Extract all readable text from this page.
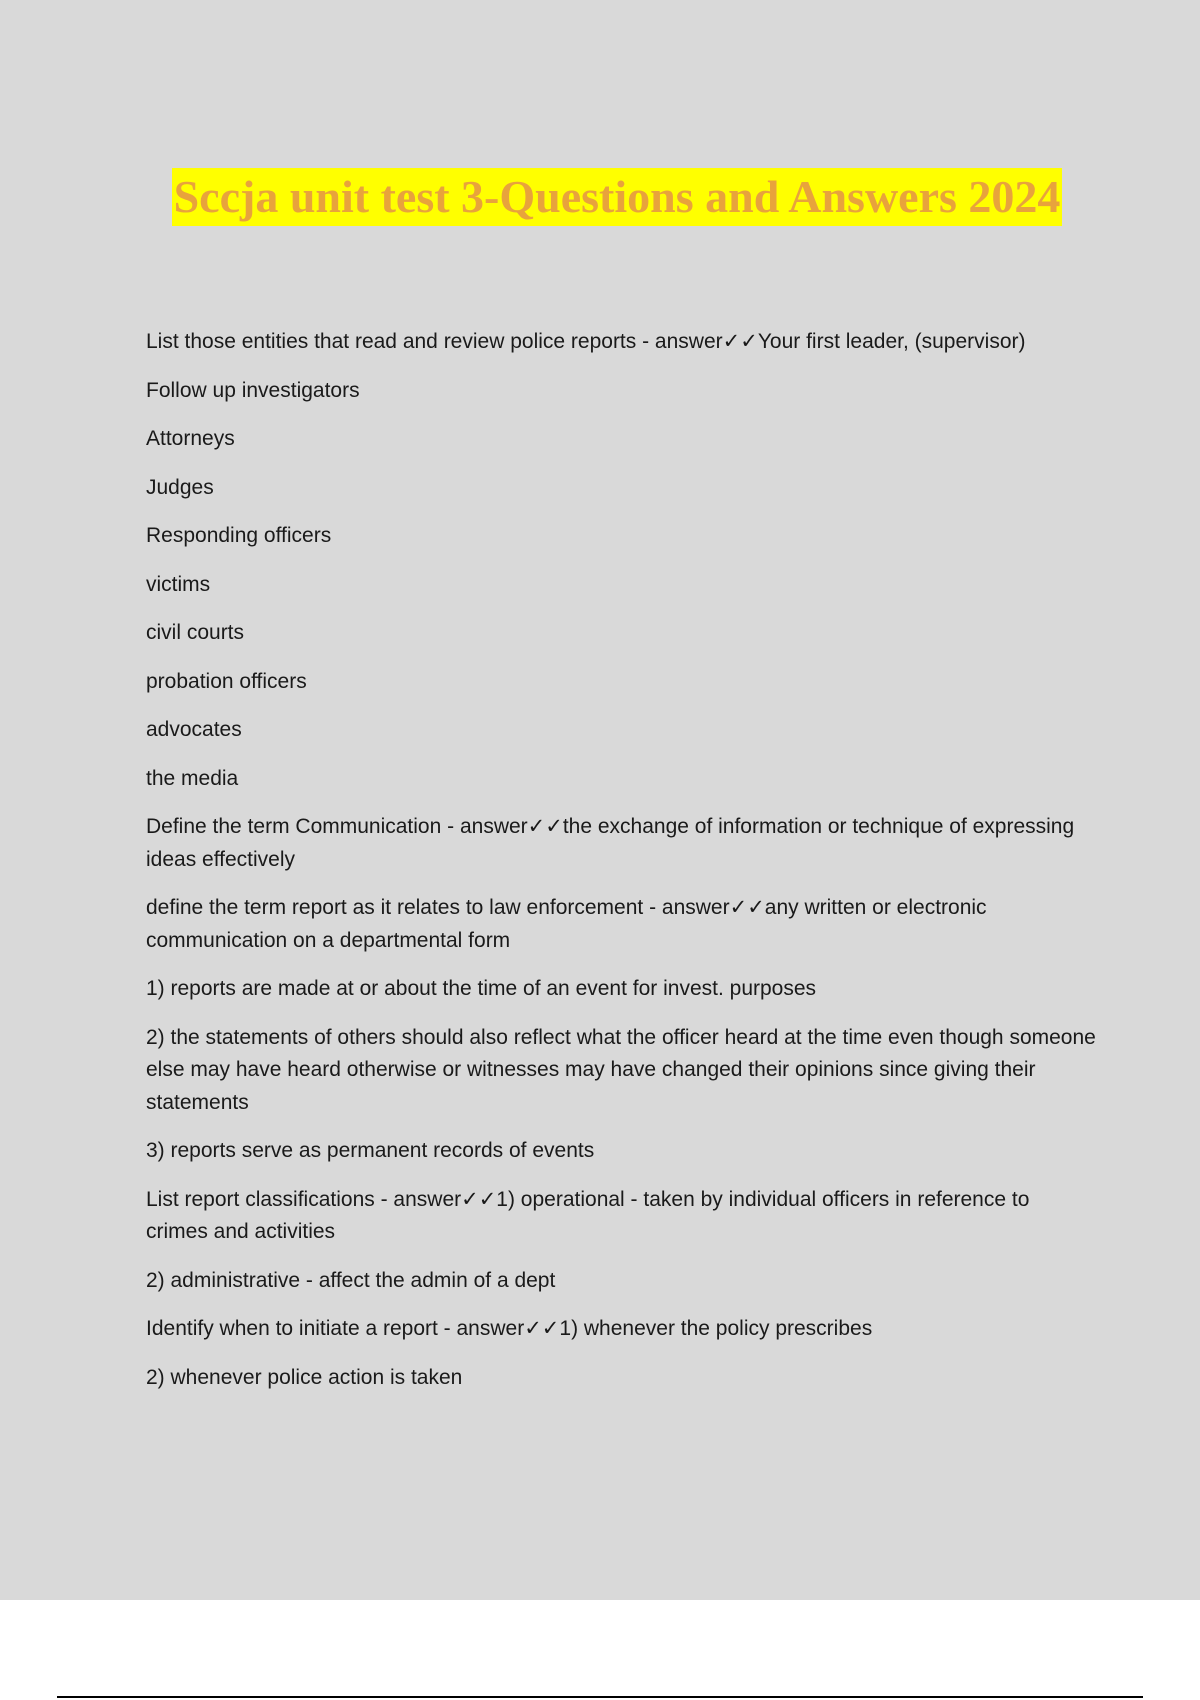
Sccja unit test 3-Questions and Answers 2024

List those entities that read and review police reports - answer✓✓Your first leader, (supervisor)

Follow up investigators

Attorneys

Judges

Responding officers

victims

civil courts

probation officers

advocates

the media

Define the term Communication - answer✓✓the exchange of information or technique of expressing ideas effectively

define the term report as it relates to law enforcement - answer✓✓any written or electronic communication on a departmental form

1) reports are made at or about the time of an event for invest. purposes

2) the statements of others should also reflect what the officer heard at the time even though someone else may have heard otherwise or witnesses may have changed their opinions since giving their statements

3) reports serve as permanent records of events

List report classifications - answer✓✓1) operational - taken by individual officers in reference to crimes and activities

2) administrative - affect the admin of a dept

Identify when to initiate a report - answer✓✓1) whenever the policy prescribes

2) whenever police action is taken
